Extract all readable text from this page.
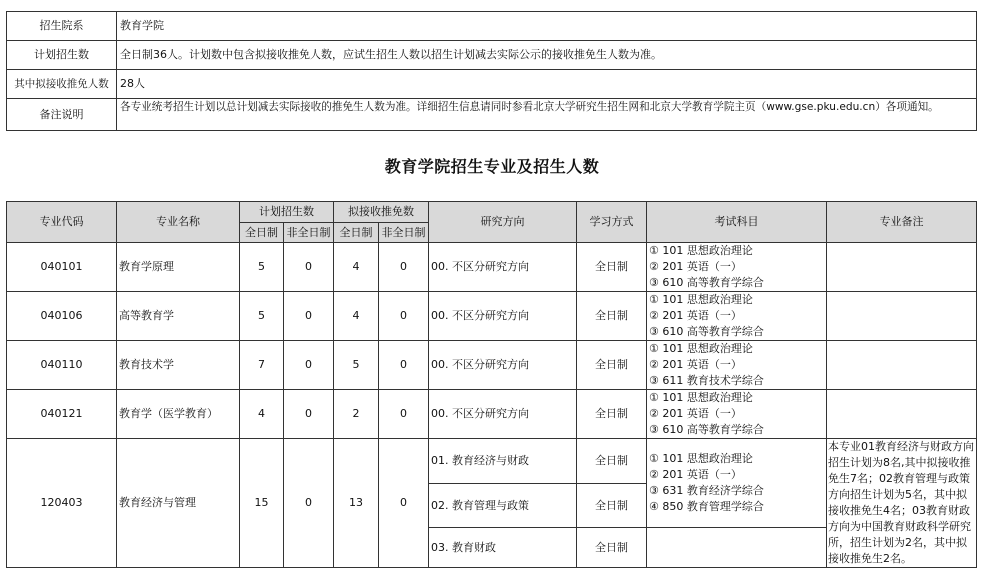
招生院系	教育学院
计划招生数	全日制36人。计划数中包含拟接收推免人数，应试生招生人数以招生计划减去实际公示的接收推免生人数为准。
其中拟接收推免人数	28人
备注说明	各专业统考招生计划以总计划减去实际接收的推免生人数为准。详细招生信息请同时参看北京大学研究生招生网和北京大学教育学院主页（www.gse.pku.edu.cn）各项通知。
教育学院招生专业及招生人数
专业代码	专业名称	计划招生数		拟接收推免数		研究方向	学习方式	考试科目	专业备注
		全日制	非全日制	全日制	非全日制				
040101	教育学原理	5	0	4	0	00. 不区分研究方向	全日制	① 101 思想政治理论
② 201 英语（一）
③ 610 高等教育学综合	

040106	高等教育学	5	0	4	0	00. 不区分研究方向	全日制	① 101 思想政治理论
② 201 英语（一）
③ 610 高等教育学综合	

040110	教育技术学	7	0	5	0	00. 不区分研究方向	全日制	① 101 思想政治理论
② 201 英语（一）
③ 611 教育技术学综合	

040121	教育学（医学教育）	4	0	2	0	00. 不区分研究方向	全日制	① 101 思想政治理论
② 201 英语（一）
③ 610 高等教育学综合	

120403	教育经济与管理	15	0	13	0	01. 教育经济与财政	全日制	① 101 思想政治理论
② 201 英语（一）
③ 631 教育经济学综合
④ 850 教育管理学综合	本专业01教育经济与财政方向招生计划为8名,其中拟接收推免生7名；02教育管理与政策方向招生计划为5名，其中拟接收推免生4名；03教育财政方向为中国教育财政科学研究所，招生计划为2名，其中拟接收推免生2名。
						02. 教育管理与政策	全日制		
						03. 教育财政	全日制		
